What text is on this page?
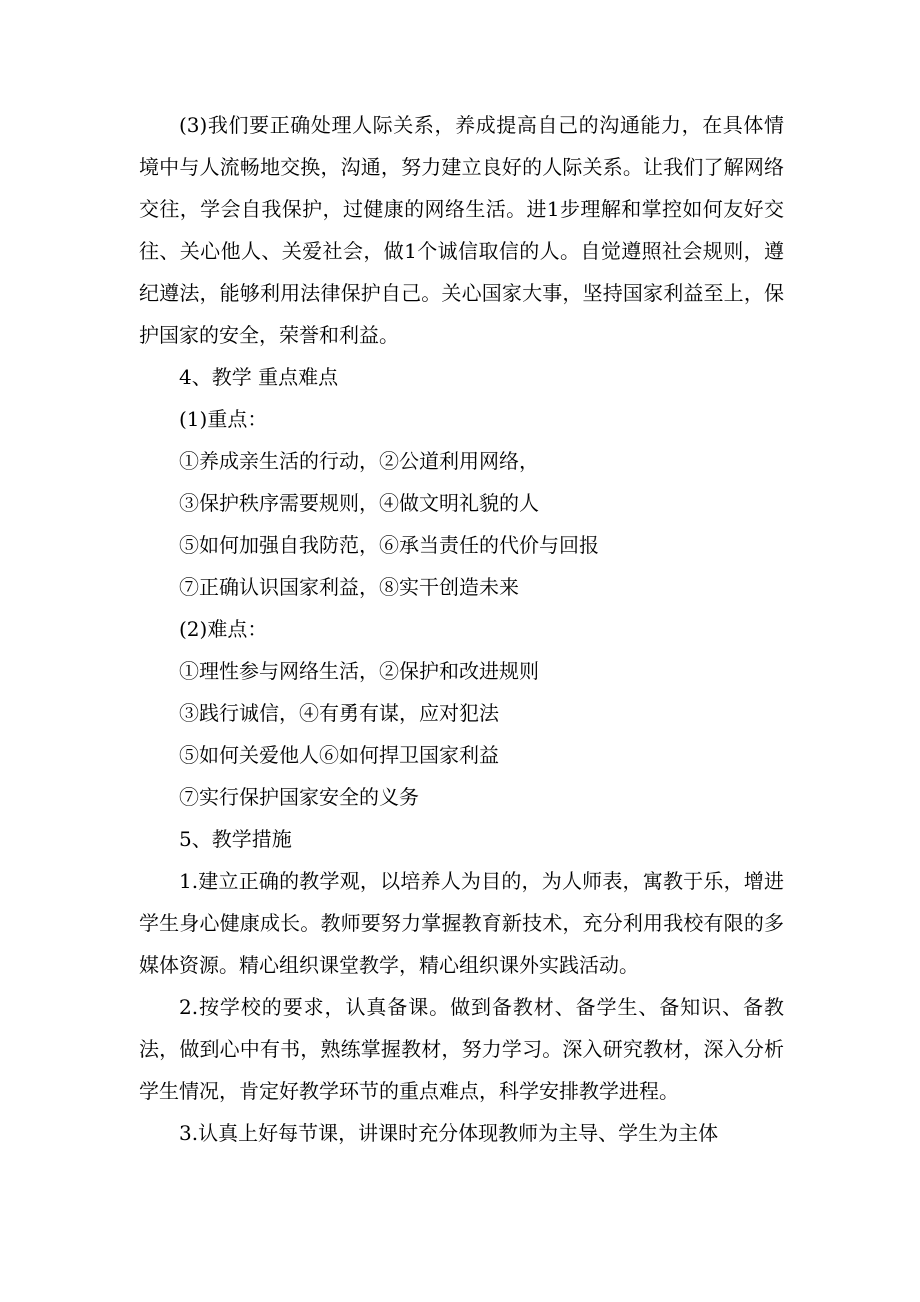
(3)我们要正确处理人际关系，养成提高自己的沟通能力，在具体情境中与人流畅地交换，沟通，努力建立良好的人际关系。让我们了解网络交往，学会自我保护，过健康的网络生活。进1步理解和掌控如何友好交往、关心他人、关爱社会，做1个诚信取信的人。自觉遵照社会规则，遵纪遵法，能够利用法律保护自己。关心国家大事，坚持国家利益至上，保护国家的安全，荣誉和利益。

4、教学 重点难点

(1)重点：

①养成亲生活的行动，②公道利用网络，

③保护秩序需要规则，④做文明礼貌的人

⑤如何加强自我防范，⑥承当责任的代价与回报

⑦正确认识国家利益，⑧实干创造未来

(2)难点：

①理性参与网络生活，②保护和改进规则

③践行诚信，④有勇有谋，应对犯法

⑤如何关爱他人⑥如何捍卫国家利益

⑦实行保护国家安全的义务

5、教学措施

1.建立正确的教学观，以培养人为目的，为人师表，寓教于乐，增进学生身心健康成长。教师要努力掌握教育新技术，充分利用我校有限的多媒体资源。精心组织课堂教学，精心组织课外实践活动。

2.按学校的要求，认真备课。做到备教材、备学生、备知识、备教法，做到心中有书，熟练掌握教材，努力学习。深入研究教材，深入分析学生情况，肯定好教学环节的重点难点，科学安排教学进程。

3.认真上好每节课，讲课时充分体现教师为主导、学生为主体
